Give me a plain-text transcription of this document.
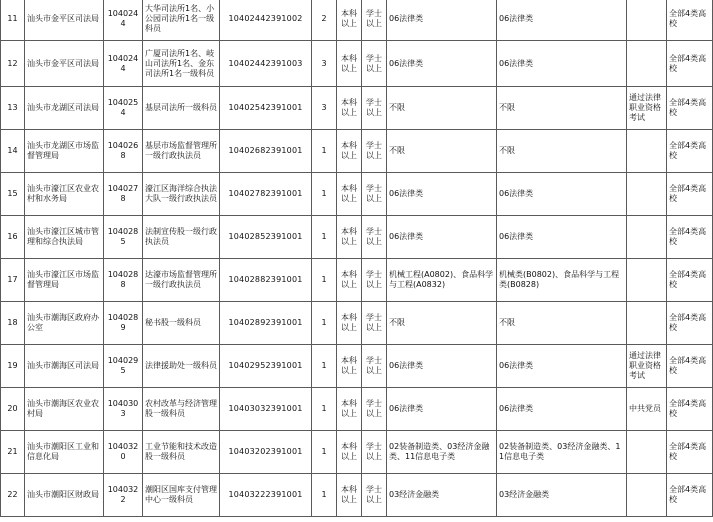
11	汕头市金平区司法局	1040244	大华司法所1名、小公园司法所1名一级科员	10402442391002	2	本科以上	学士以上	06法律类	06法律类		全部4类高校
12	汕头市金平区司法局	1040244	广厦司法所1名、岐山司法所1名、金东司法所1名一级科员	10402442391003	3	本科以上	学士以上	06法律类	06法律类		全部4类高校
13	汕头市龙湖区司法局	1040254	基层司法所一级科员	10402542391001	3	本科以上	学士以上	不限	不限	通过法律职业资格考试	全部4类高校
14	汕头市龙湖区市场监督管理局	1040268	基层市场监督管理所一级行政执法员	10402682391001	1	本科以上	学士以上	不限	不限		全部4类高校
15	汕头市濠江区农业农村和水务局	1040278	濠江区海洋综合执法大队一级行政执法员	10402782391001	1	本科以上	学士以上	06法律类	06法律类		全部4类高校
16	汕头市濠江区城市管理和综合执法局	1040285	法制宣传股一级行政执法员	10402852391001	1	本科以上	学士以上	06法律类	06法律类		全部4类高校
17	汕头市濠江区市场监督管理局	1040288	达濠市场监督管理所一级行政执法员	10402882391001	1	本科以上	学士以上	机械工程(A0802)、食品科学与工程(A0832)	机械类(B0802)、食品科学与工程类(B0828)		全部4类高校
18	汕头市潮海区政府办公室	1040289	秘书股一级科员	10402892391001	1	本科以上	学士以上	不限	不限		全部4类高校
19	汕头市潮海区司法局	1040295	法律援助处一级科员	10402952391001	1	本科以上	学士以上	06法律类	06法律类	通过法律职业资格考试	全部4类高校
20	汕头市潮海区农业农村局	1040303	农村改革与经济管理股一级科员	10403032391001	1	本科以上	学士以上	06法律类	06法律类	中共党员	全部4类高校
21	汕头市潮阳区工业和信息化局	1040320	工业节能和技术改造股一级科员	10403202391001	1	本科以上	学士以上	02装备制造类、03经济金融类、11信息电子类	02装备制造类、03经济金融类、11信息电子类		全部4类高校
22	汕头市潮阳区财政局	1040322	潮阳区国库支付管理中心一级科员	10403222391001	1	本科以上	学士以上	03经济金融类	03经济金融类		全部4类高校
